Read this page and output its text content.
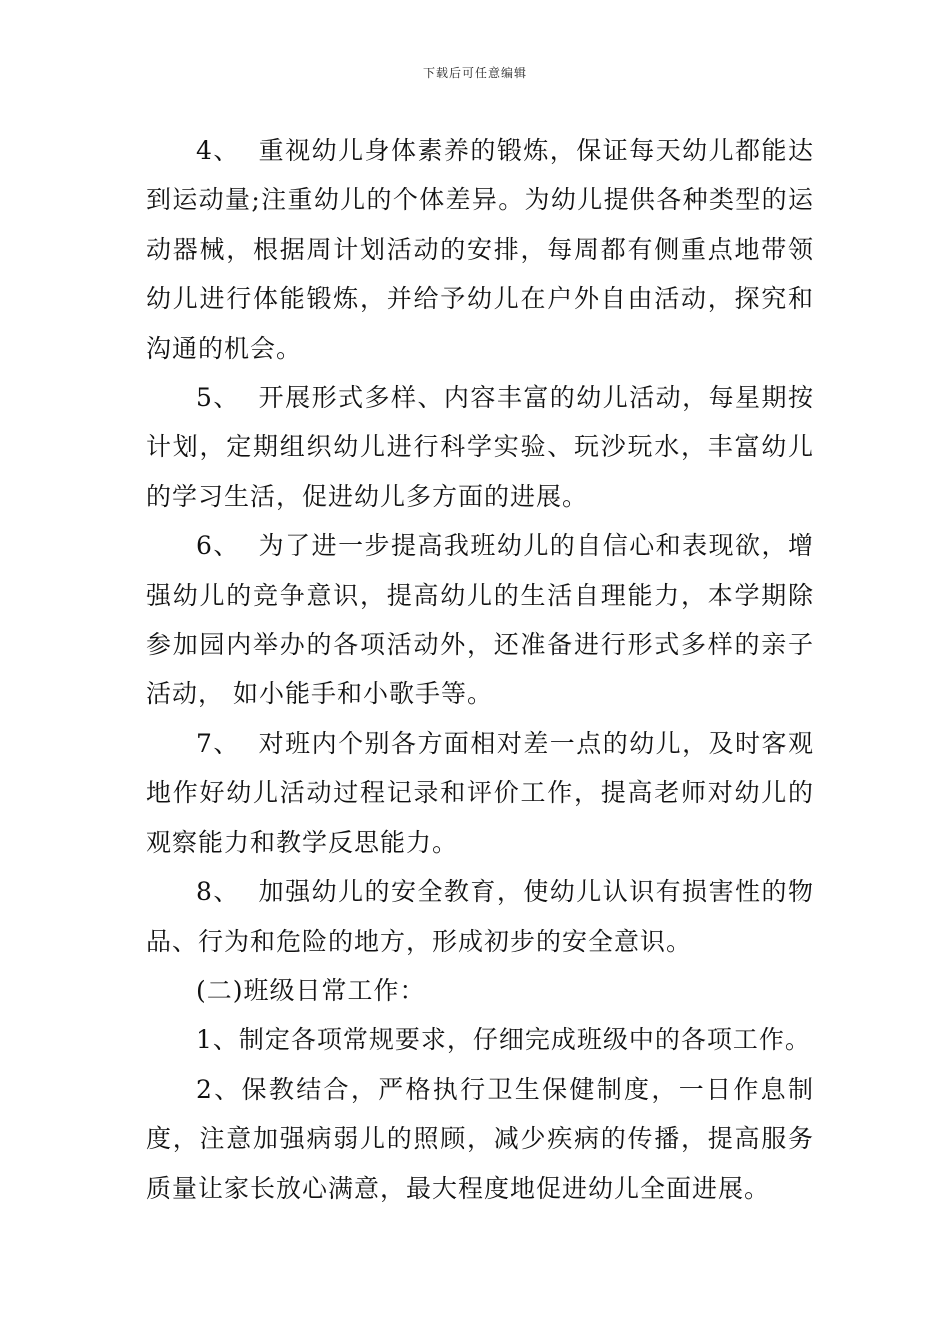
下载后可任意编辑

4、  重视幼儿身体素养的锻炼，保证每天幼儿都能达到运动量;注重幼儿的个体差异。为幼儿提供各种类型的运动器械，根据周计划活动的安排，每周都有侧重点地带领幼儿进行体能锻炼，并给予幼儿在户外自由活动，探究和沟通的机会。

5、  开展形式多样、内容丰富的幼儿活动，每星期按计划，定期组织幼儿进行科学实验、玩沙玩水，丰富幼儿的学习生活，促进幼儿多方面的进展。

6、  为了进一步提高我班幼儿的自信心和表现欲，增强幼儿的竞争意识，提高幼儿的生活自理能力，本学期除参加园内举办的各项活动外，还准备进行形式多样的亲子活动， 如小能手和小歌手等。

7、  对班内个别各方面相对差一点的幼儿，及时客观地作好幼儿活动过程记录和评价工作，提高老师对幼儿的观察能力和教学反思能力。

8、  加强幼儿的安全教育，使幼儿认识有损害性的物品、行为和危险的地方，形成初步的安全意识。

(二)班级日常工作：

1、制定各项常规要求，仔细完成班级中的各项工作。

2、保教结合，严格执行卫生保健制度，一日作息制度，注意加强病弱儿的照顾，减少疾病的传播，提高服务质量让家长放心满意，最大程度地促进幼儿全面进展。
